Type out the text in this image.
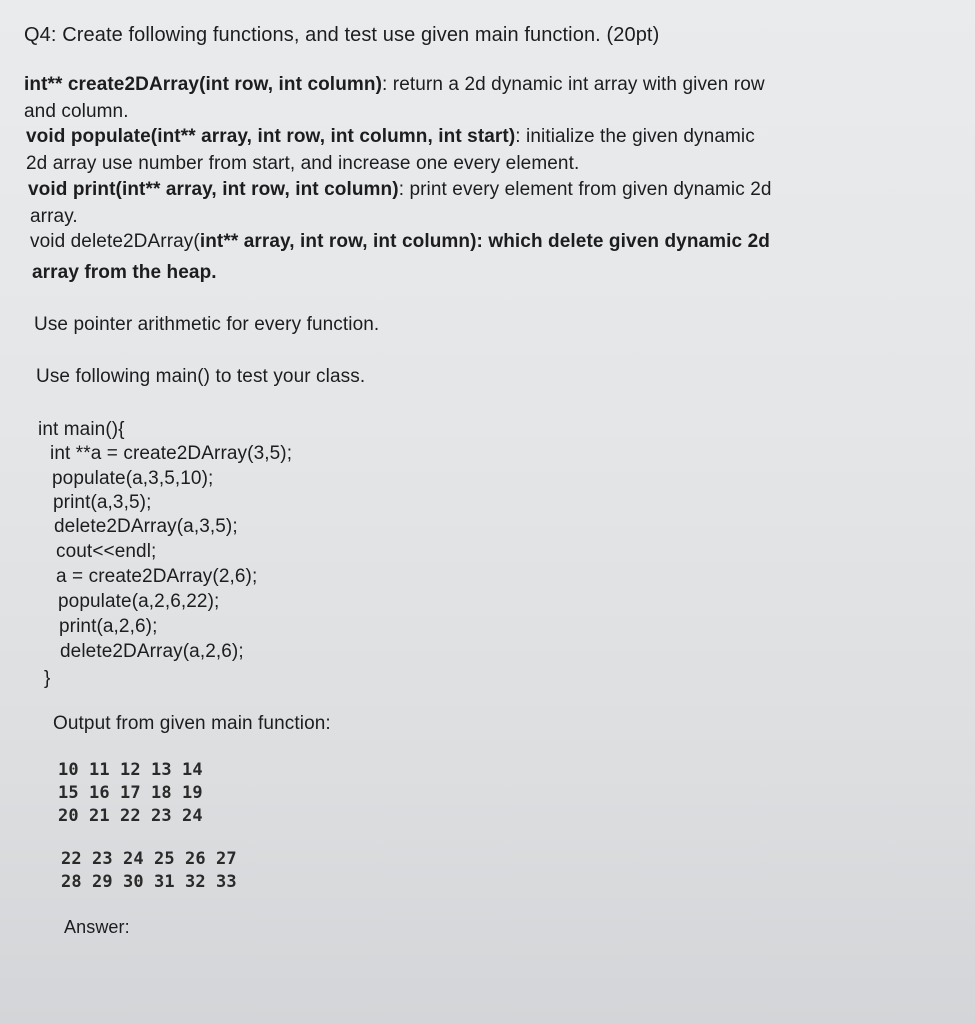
Q4: Create following functions, and test use given main function. (20pt)
int** create2DArray(int row, int column): return a 2d dynamic int array with given row
and column.
void populate(int** array, int row, int column, int start): initialize the given dynamic
2d array use number from start, and increase one every element.
void print(int** array, int row, int column): print every element from given dynamic 2d
array.
void delete2DArray(int** array, int row, int column): which delete given dynamic 2d
array from the heap.
Use pointer arithmetic for every function.
Use following main() to test your class.
int main(){
int **a = create2DArray(3,5);
populate(a,3,5,10);
print(a,3,5);
delete2DArray(a,3,5);
cout<<endl;
a = create2DArray(2,6);
populate(a,2,6,22);
print(a,2,6);
delete2DArray(a,2,6);
}
Output from given main function:
10 11 12 13 14
15 16 17 18 19
20 21 22 23 24
22 23 24 25 26 27
28 29 30 31 32 33
Answer:
